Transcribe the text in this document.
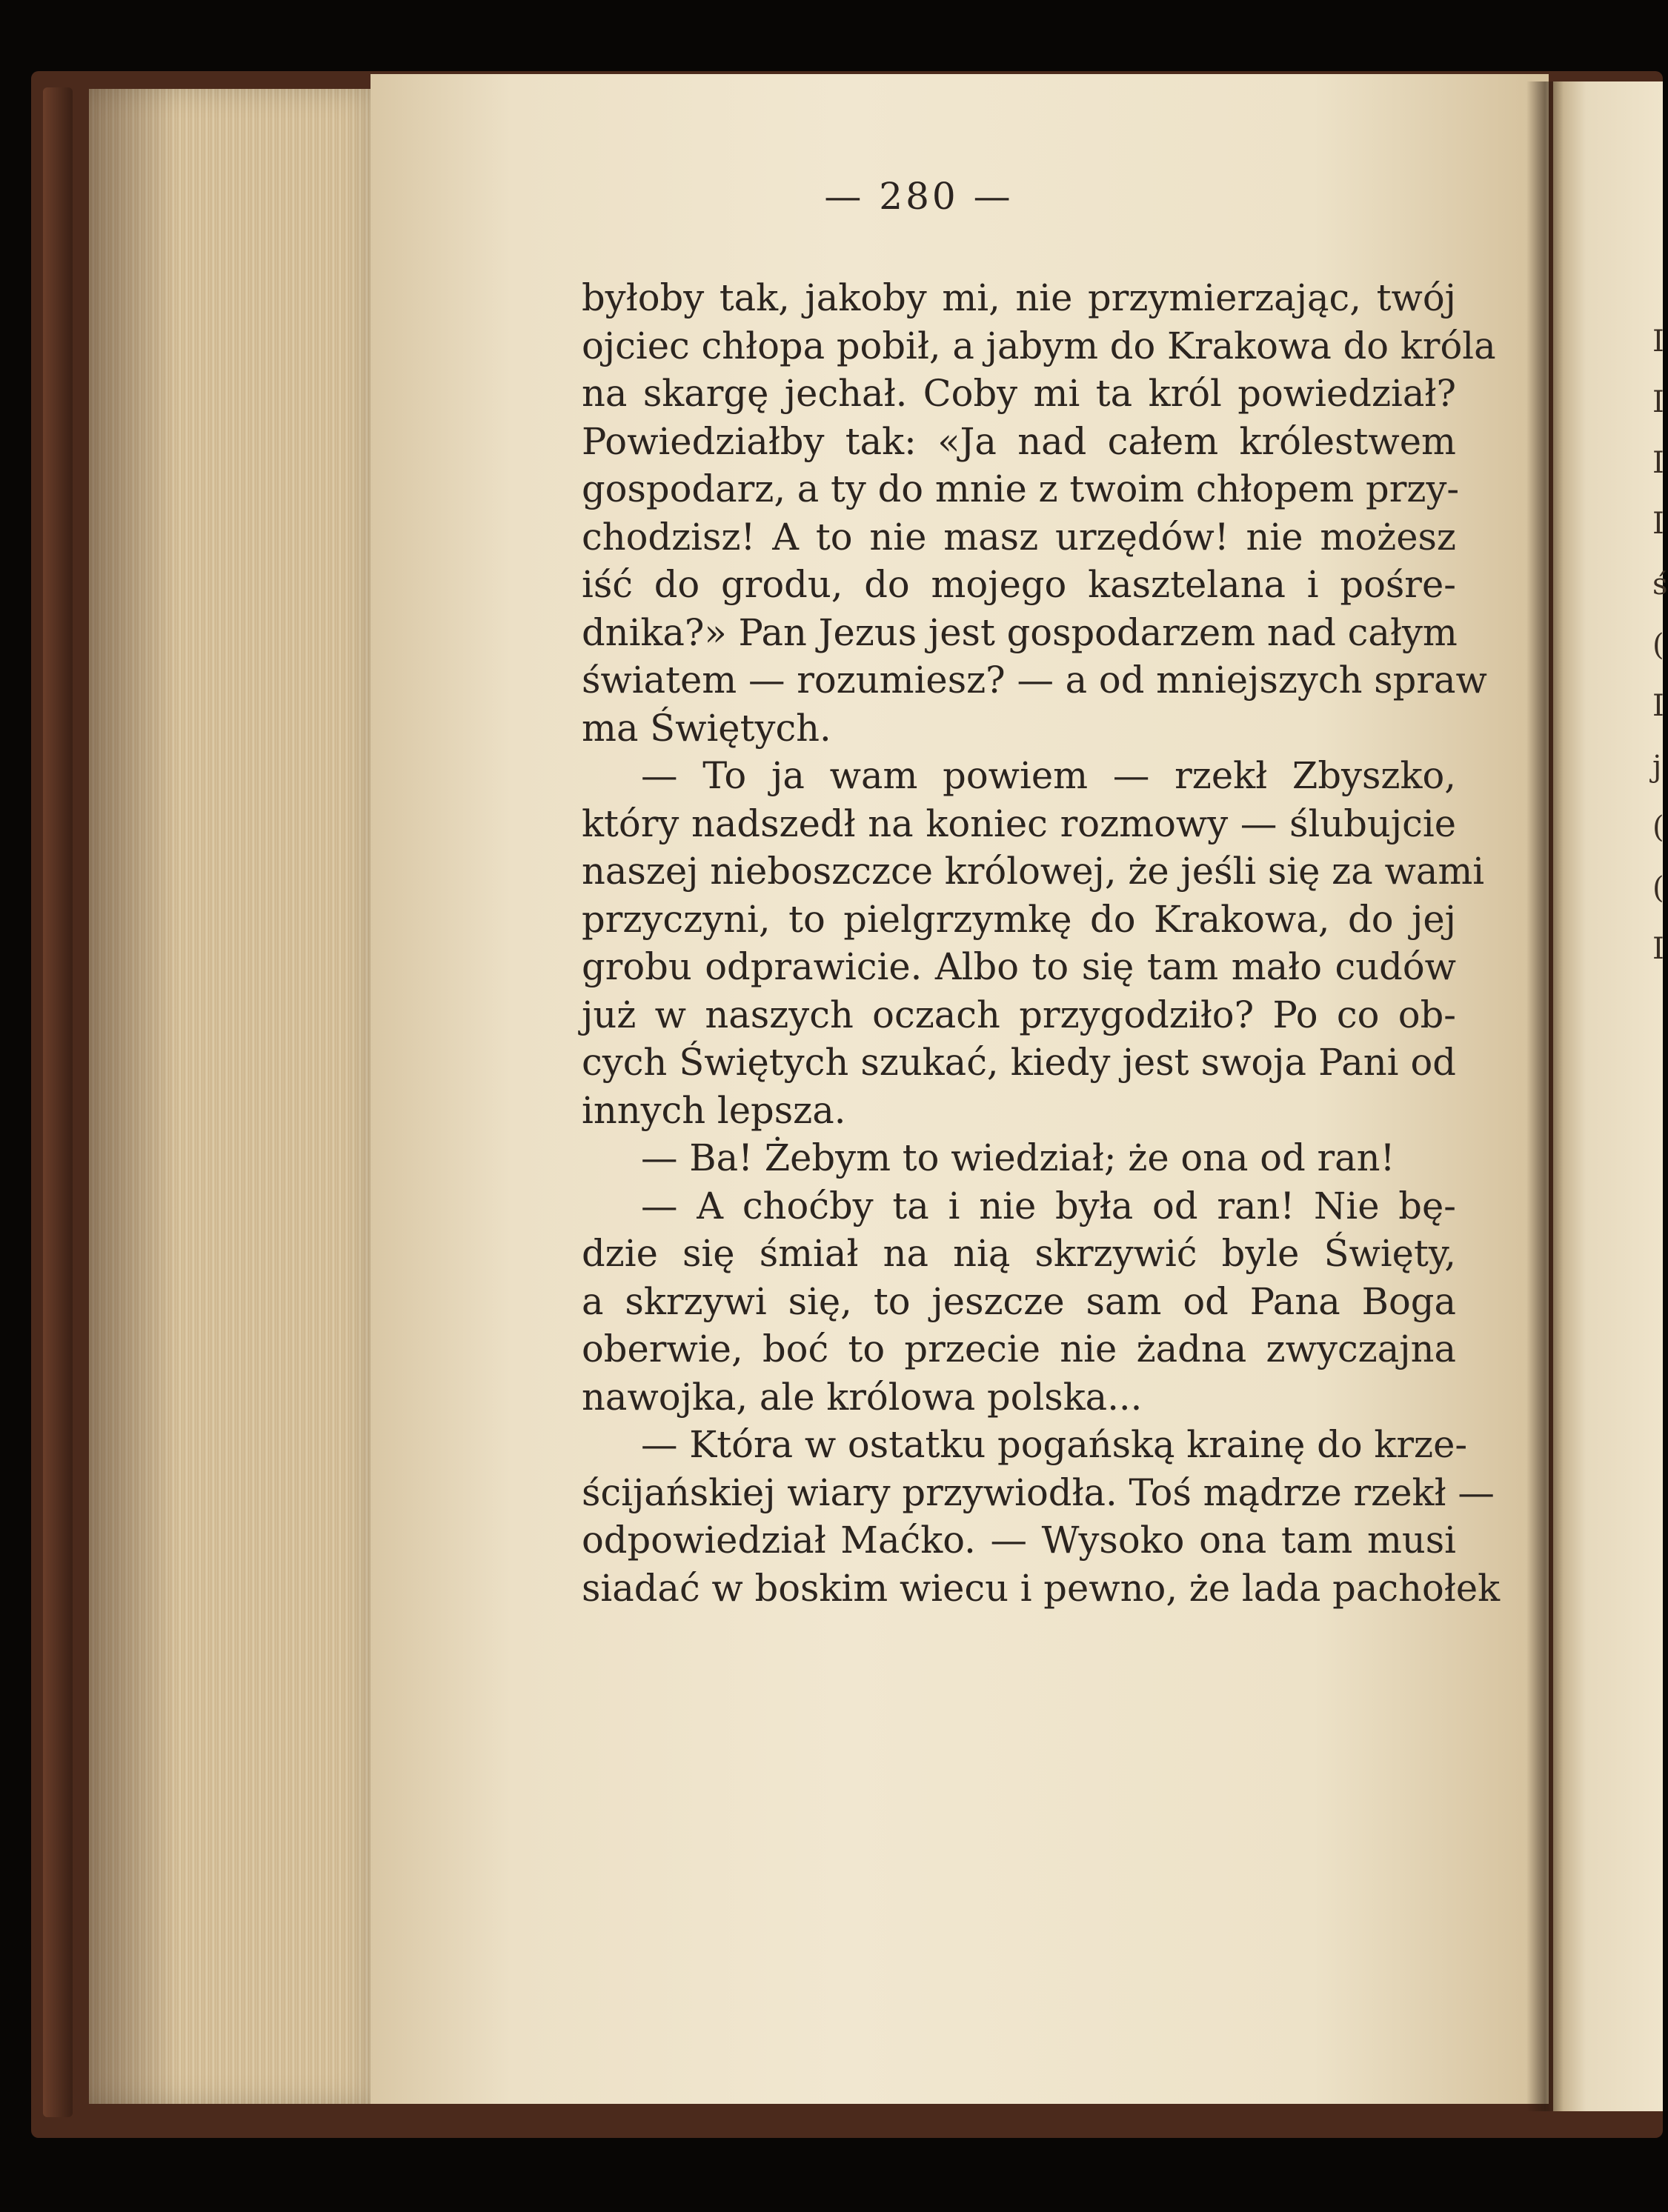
I
I
I
I
ś
(
I
j
(
(
I
— 280 —
byłoby tak, jakoby mi, nie przymierzając, twój
ojciec chłopa pobił, a jabym do Krakowa do króla
na skargę jechał. Coby mi ta król powiedział?
Powiedziałby tak: «Ja nad całem królestwem
gospodarz, a ty do mnie z twoim chłopem przy-
chodzisz! A to nie masz urzędów! nie możesz
iść do grodu, do mojego kasztelana i pośre-
dnika?» Pan Jezus jest gospodarzem nad całym
światem — rozumiesz? — a od mniejszych spraw
ma Świętych.
— To ja wam powiem — rzekł Zbyszko,
który nadszedł na koniec rozmowy — ślubujcie
naszej nieboszczce królowej, że jeśli się za wami
przyczyni, to pielgrzymkę do Krakowa, do jej
grobu odprawicie. Albo to się tam mało cudów
już w naszych oczach przygodziło? Po co ob-
cych Świętych szukać, kiedy jest swoja Pani od
innych lepsza.
— Ba! Żebym to wiedział; że ona od ran!
— A choćby ta i nie była od ran! Nie bę-
dzie się śmiał na nią skrzywić byle Święty,
a skrzywi się, to jeszcze sam od Pana Boga
oberwie, boć to przecie nie żadna zwyczajna
nawojka, ale królowa polska...
— Która w ostatku pogańską krainę do krze-
ścijańskiej wiary przywiodła. Toś mądrze rzekł —
odpowiedział Maćko. — Wysoko ona tam musi
siadać w boskim wiecu i pewno, że lada pachołek
